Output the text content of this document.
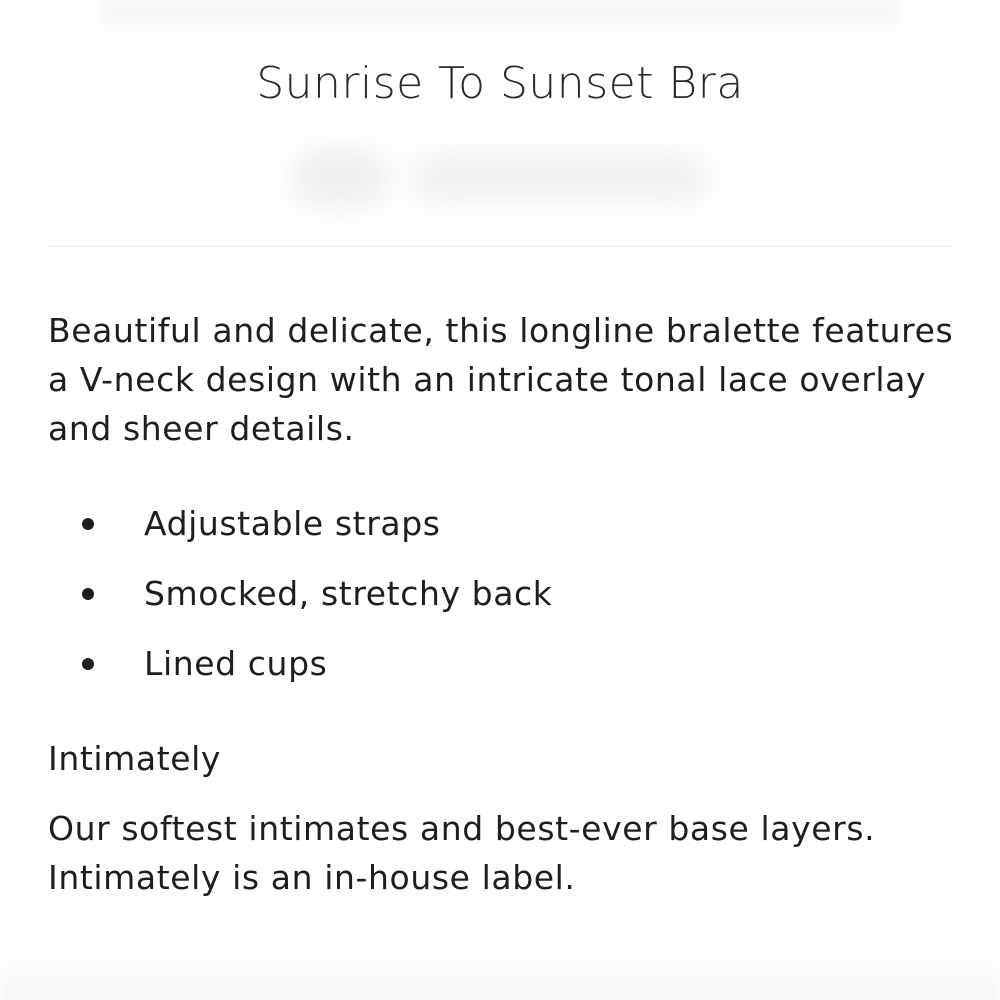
Sunrise To Sunset Bra

Beautiful and delicate, this longline bralette features a V-neck design with an intricate tonal lace overlay and sheer details.

Adjustable straps
Smocked, stretchy back
Lined cups
Intimately

Our softest intimates and best-ever base layers. Intimately is an in-house label.
